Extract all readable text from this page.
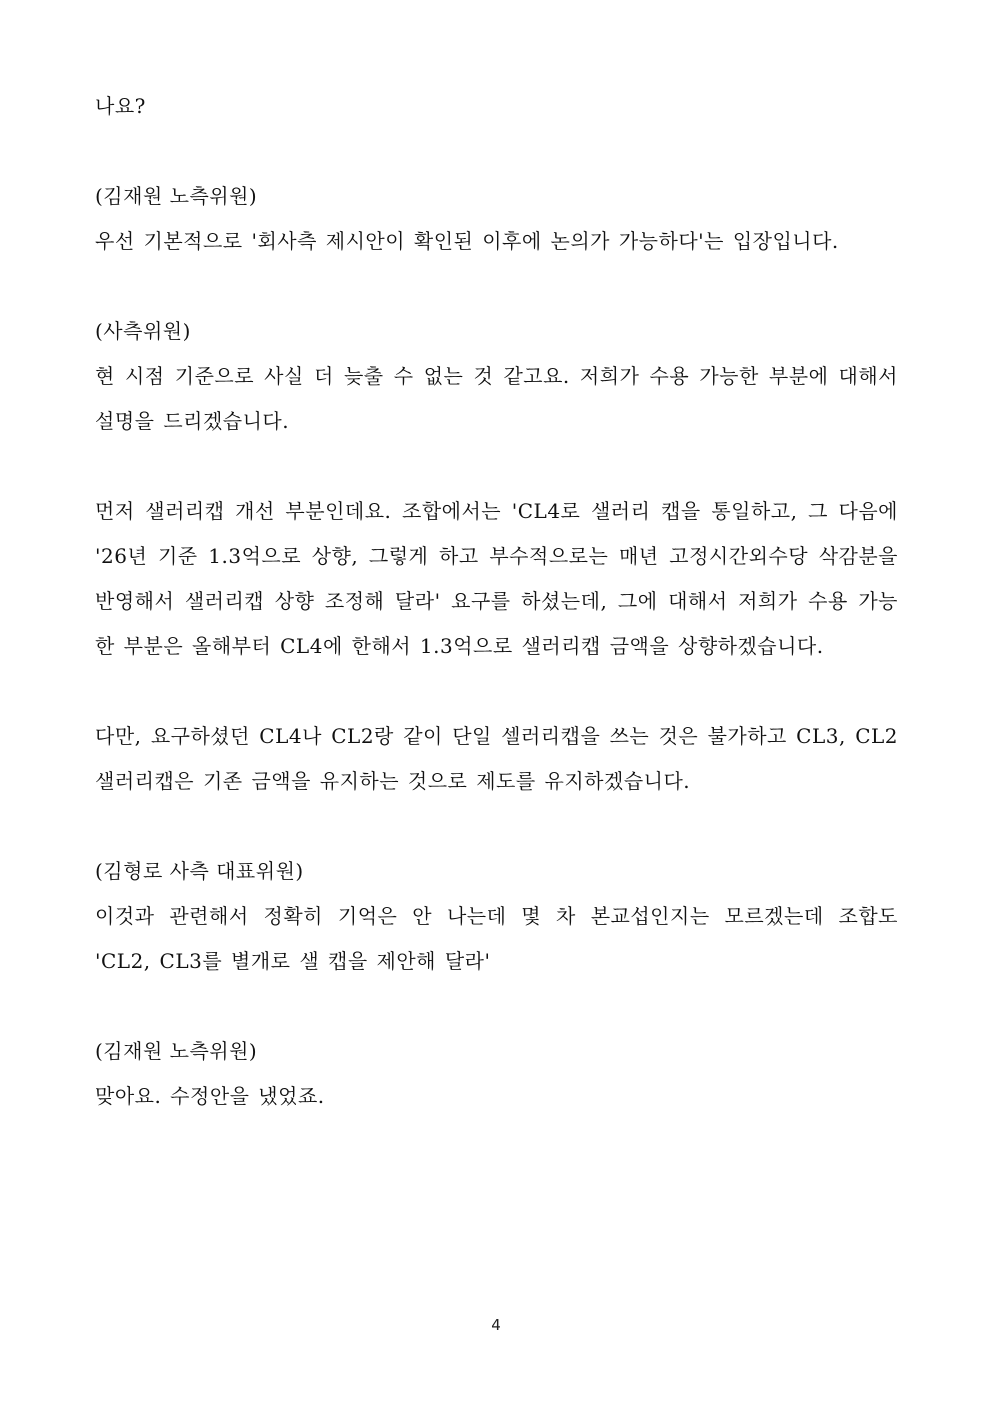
나요?
(김재원 노측위원)
우선 기본적으로 '회사측 제시안이 확인된 이후에 논의가 가능하다'는 입장입니다.
(사측위원)
현 시점 기준으로 사실 더 늦출 수 없는 것 같고요. 저희가 수용 가능한 부분에 대해서 설명을 드리겠습니다.
먼저 샐러리캡 개선 부분인데요. 조합에서는 'CL4로 샐러리 캡을 통일하고, 그 다음에 '26년 기준 1.3억으로 상향, 그렇게 하고 부수적으로는 매년 고정시간외수당 삭감분을 반영해서 샐러리캡 상향 조정해 달라' 요구를 하셨는데, 그에 대해서 저희가 수용 가능한 부분은 올해부터 CL4에 한해서 1.3억으로 샐러리캡 금액을 상향하겠습니다.
다만, 요구하셨던 CL4나 CL2랑 같이 단일 셀러리캡을 쓰는 것은 불가하고 CL3, CL2 샐러리캡은 기존 금액을 유지하는 것으로 제도를 유지하겠습니다.
(김형로 사측 대표위원)
이것과 관련해서 정확히 기억은 안 나는데 몇 차 본교섭인지는 모르겠는데 조합도 'CL2, CL3를 별개로 샐 캡을 제안해 달라'
(김재원 노측위원)
맞아요. 수정안을 냈었죠.
4
